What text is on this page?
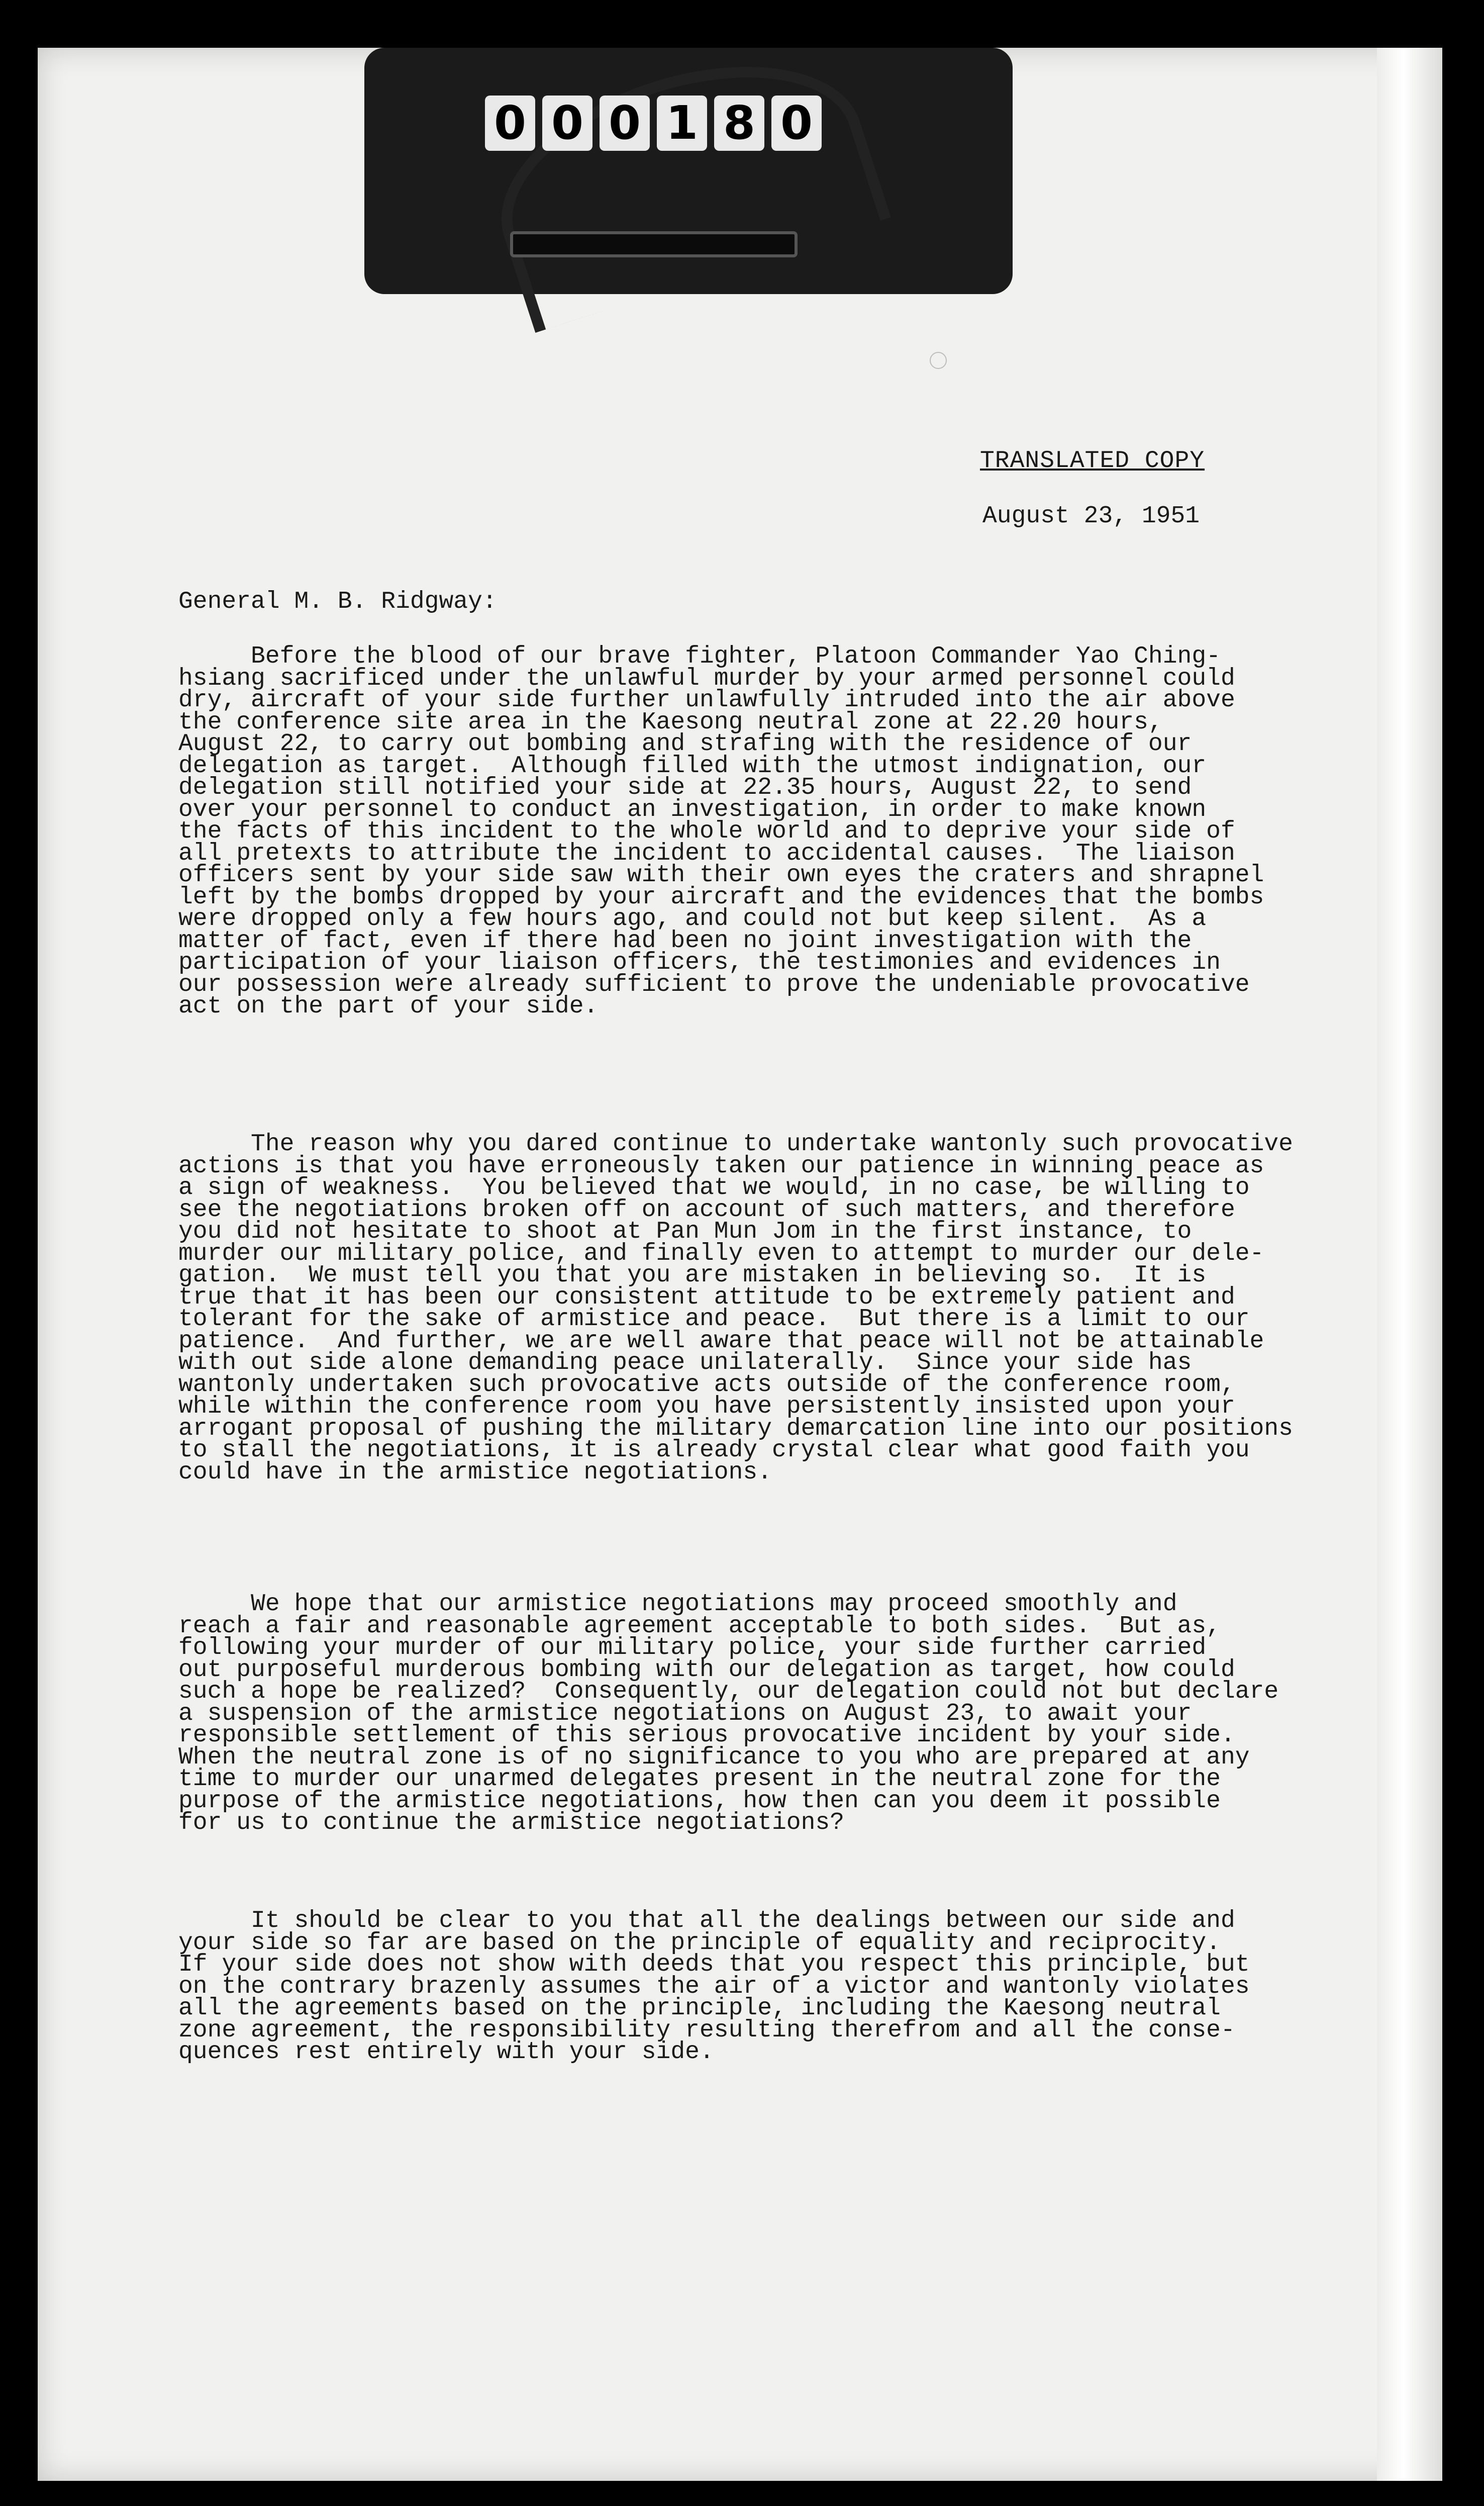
0 0 0 1 8 0
TRANSLATED COPY
August 23, 1951
General M. B. Ridgway:
Before the blood of our brave fighter, Platoon Commander Yao Ching-
hsiang sacrificed under the unlawful murder by your armed personnel could
dry, aircraft of your side further unlawfully intruded into the air above
the conference site area in the Kaesong neutral zone at 22.20 hours,
August 22, to carry out bombing and strafing with the residence of our
delegation as target.  Although filled with the utmost indignation, our
delegation still notified your side at 22.35 hours, August 22, to send
over your personnel to conduct an investigation, in order to make known
the facts of this incident to the whole world and to deprive your side of
all pretexts to attribute the incident to accidental causes.  The liaison
officers sent by your side saw with their own eyes the craters and shrapnel
left by the bombs dropped by your aircraft and the evidences that the bombs
were dropped only a few hours ago, and could not but keep silent.  As a
matter of fact, even if there had been no joint investigation with the
participation of your liaison officers, the testimonies and evidences in
our possession were already sufficient to prove the undeniable provocative
act on the part of your side.
The reason why you dared continue to undertake wantonly such provocative
actions is that you have erroneously taken our patience in winning peace as
a sign of weakness.  You believed that we would, in no case, be willing to
see the negotiations broken off on account of such matters, and therefore
you did not hesitate to shoot at Pan Mun Jom in the first instance, to
murder our military police, and finally even to attempt to murder our dele-
gation.  We must tell you that you are mistaken in believing so.  It is
true that it has been our consistent attitude to be extremely patient and
tolerant for the sake of armistice and peace.  But there is a limit to our
patience.  And further, we are well aware that peace will not be attainable
with out side alone demanding peace unilaterally.  Since your side has
wantonly undertaken such provocative acts outside of the conference room,
while within the conference room you have persistently insisted upon your
arrogant proposal of pushing the military demarcation line into our positions
to stall the negotiations, it is already crystal clear what good faith you
could have in the armistice negotiations.
We hope that our armistice negotiations may proceed smoothly and
reach a fair and reasonable agreement acceptable to both sides.  But as,
following your murder of our military police, your side further carried
out purposeful murderous bombing with our delegation as target, how could
such a hope be realized?  Consequently, our delegation could not but declare
a suspension of the armistice negotiations on August 23, to await your
responsible settlement of this serious provocative incident by your side.
When the neutral zone is of no significance to you who are prepared at any
time to murder our unarmed delegates present in the neutral zone for the
purpose of the armistice negotiations, how then can you deem it possible
for us to continue the armistice negotiations?
It should be clear to you that all the dealings between our side and
your side so far are based on the principle of equality and reciprocity.
If your side does not show with deeds that you respect this principle, but
on the contrary brazenly assumes the air of a victor and wantonly violates
all the agreements based on the principle, including the Kaesong neutral
zone agreement, the responsibility resulting therefrom and all the conse-
quences rest entirely with your side.
